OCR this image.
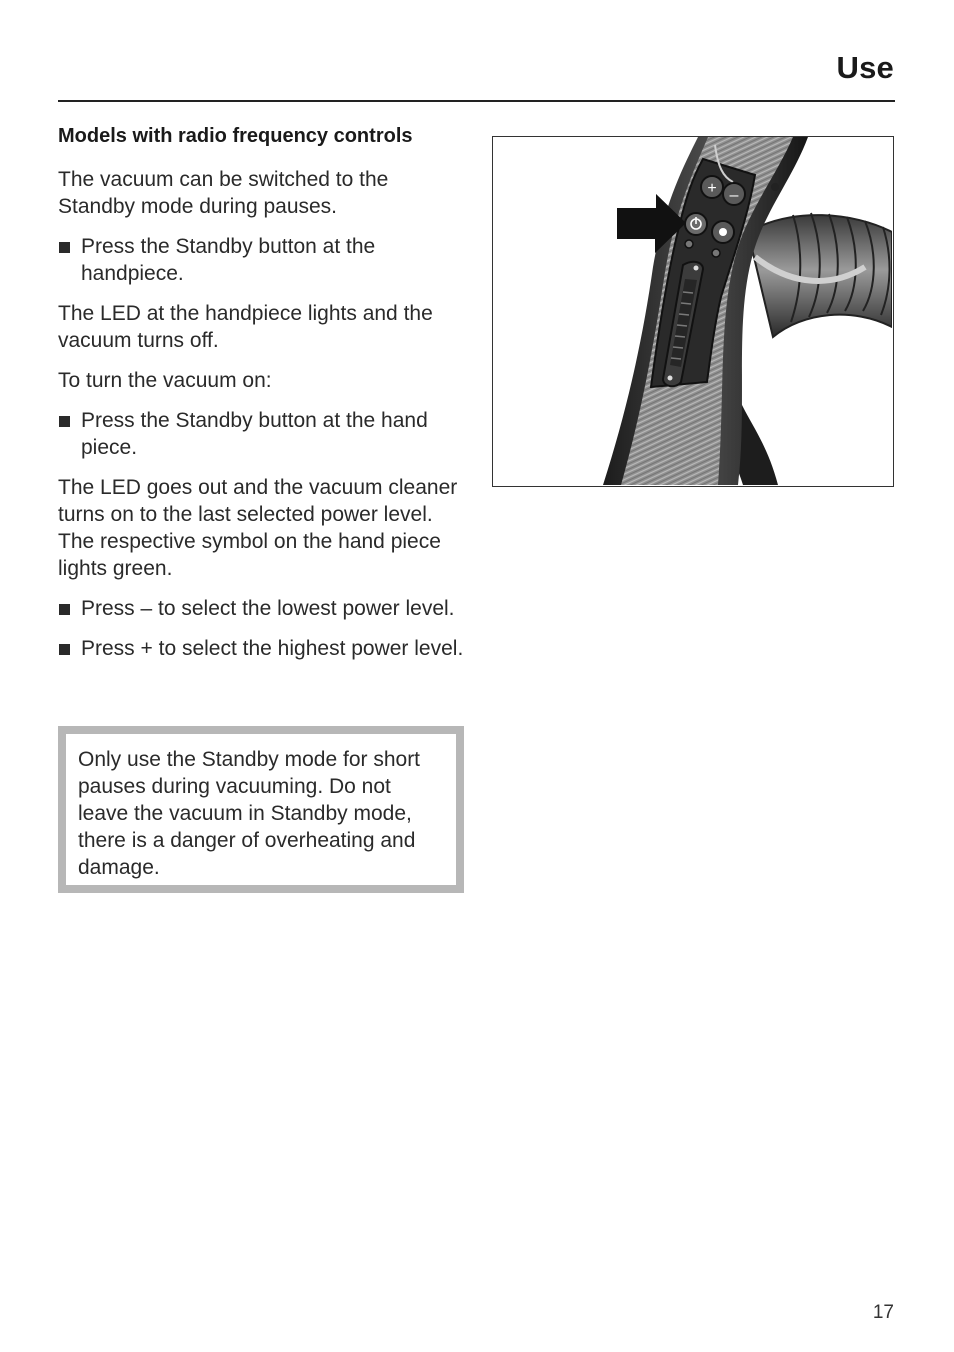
Use
Models with radio frequency controls

The vacuum can be switched to the Standby mode during pauses.

Press the Standby button at the handpiece.

The LED at the handpiece lights and the vacuum turns off.

To turn the vacuum on:

Press the Standby button at the hand piece.

The LED goes out and the vacuum cleaner turns on to the last selected power level. The respective symbol on the hand piece lights green.

Press – to select the lowest power level.
Press + to select the highest power level.

Only use the Standby mode for short pauses during vacuuming. Do not leave the vacuum in Standby mode, there is a danger of overheating and damage.

+ –
17
